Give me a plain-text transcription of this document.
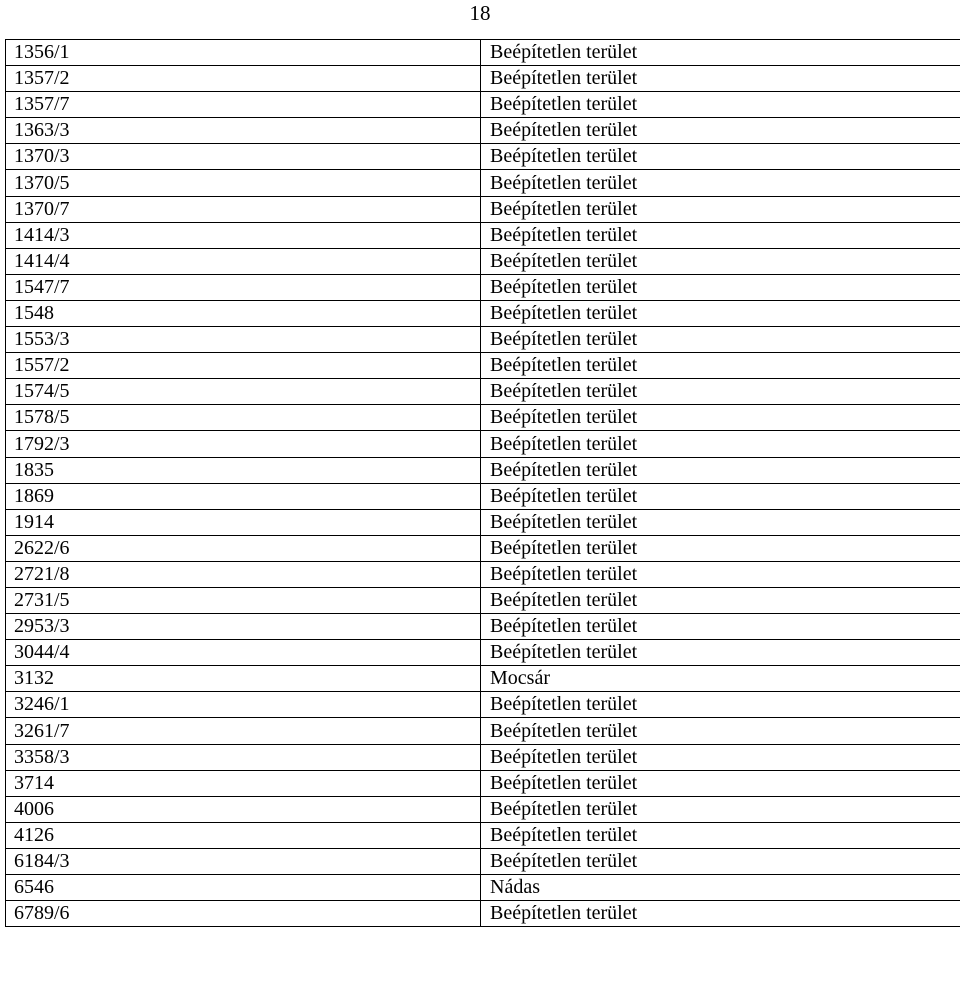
18
1356/1	Beépítetlen terület
1357/2	Beépítetlen terület
1357/7	Beépítetlen terület
1363/3	Beépítetlen terület
1370/3	Beépítetlen terület
1370/5	Beépítetlen terület
1370/7	Beépítetlen terület
1414/3	Beépítetlen terület
1414/4	Beépítetlen terület
1547/7	Beépítetlen terület
1548	Beépítetlen terület
1553/3	Beépítetlen terület
1557/2	Beépítetlen terület
1574/5	Beépítetlen terület
1578/5	Beépítetlen terület
1792/3	Beépítetlen terület
1835	Beépítetlen terület
1869	Beépítetlen terület
1914	Beépítetlen terület
2622/6	Beépítetlen terület
2721/8	Beépítetlen terület
2731/5	Beépítetlen terület
2953/3	Beépítetlen terület
3044/4	Beépítetlen terület
3132	Mocsár
3246/1	Beépítetlen terület
3261/7	Beépítetlen terület
3358/3	Beépítetlen terület
3714	Beépítetlen terület
4006	Beépítetlen terület
4126	Beépítetlen terület
6184/3	Beépítetlen terület
6546	Nádas
6789/6	Beépítetlen terület
